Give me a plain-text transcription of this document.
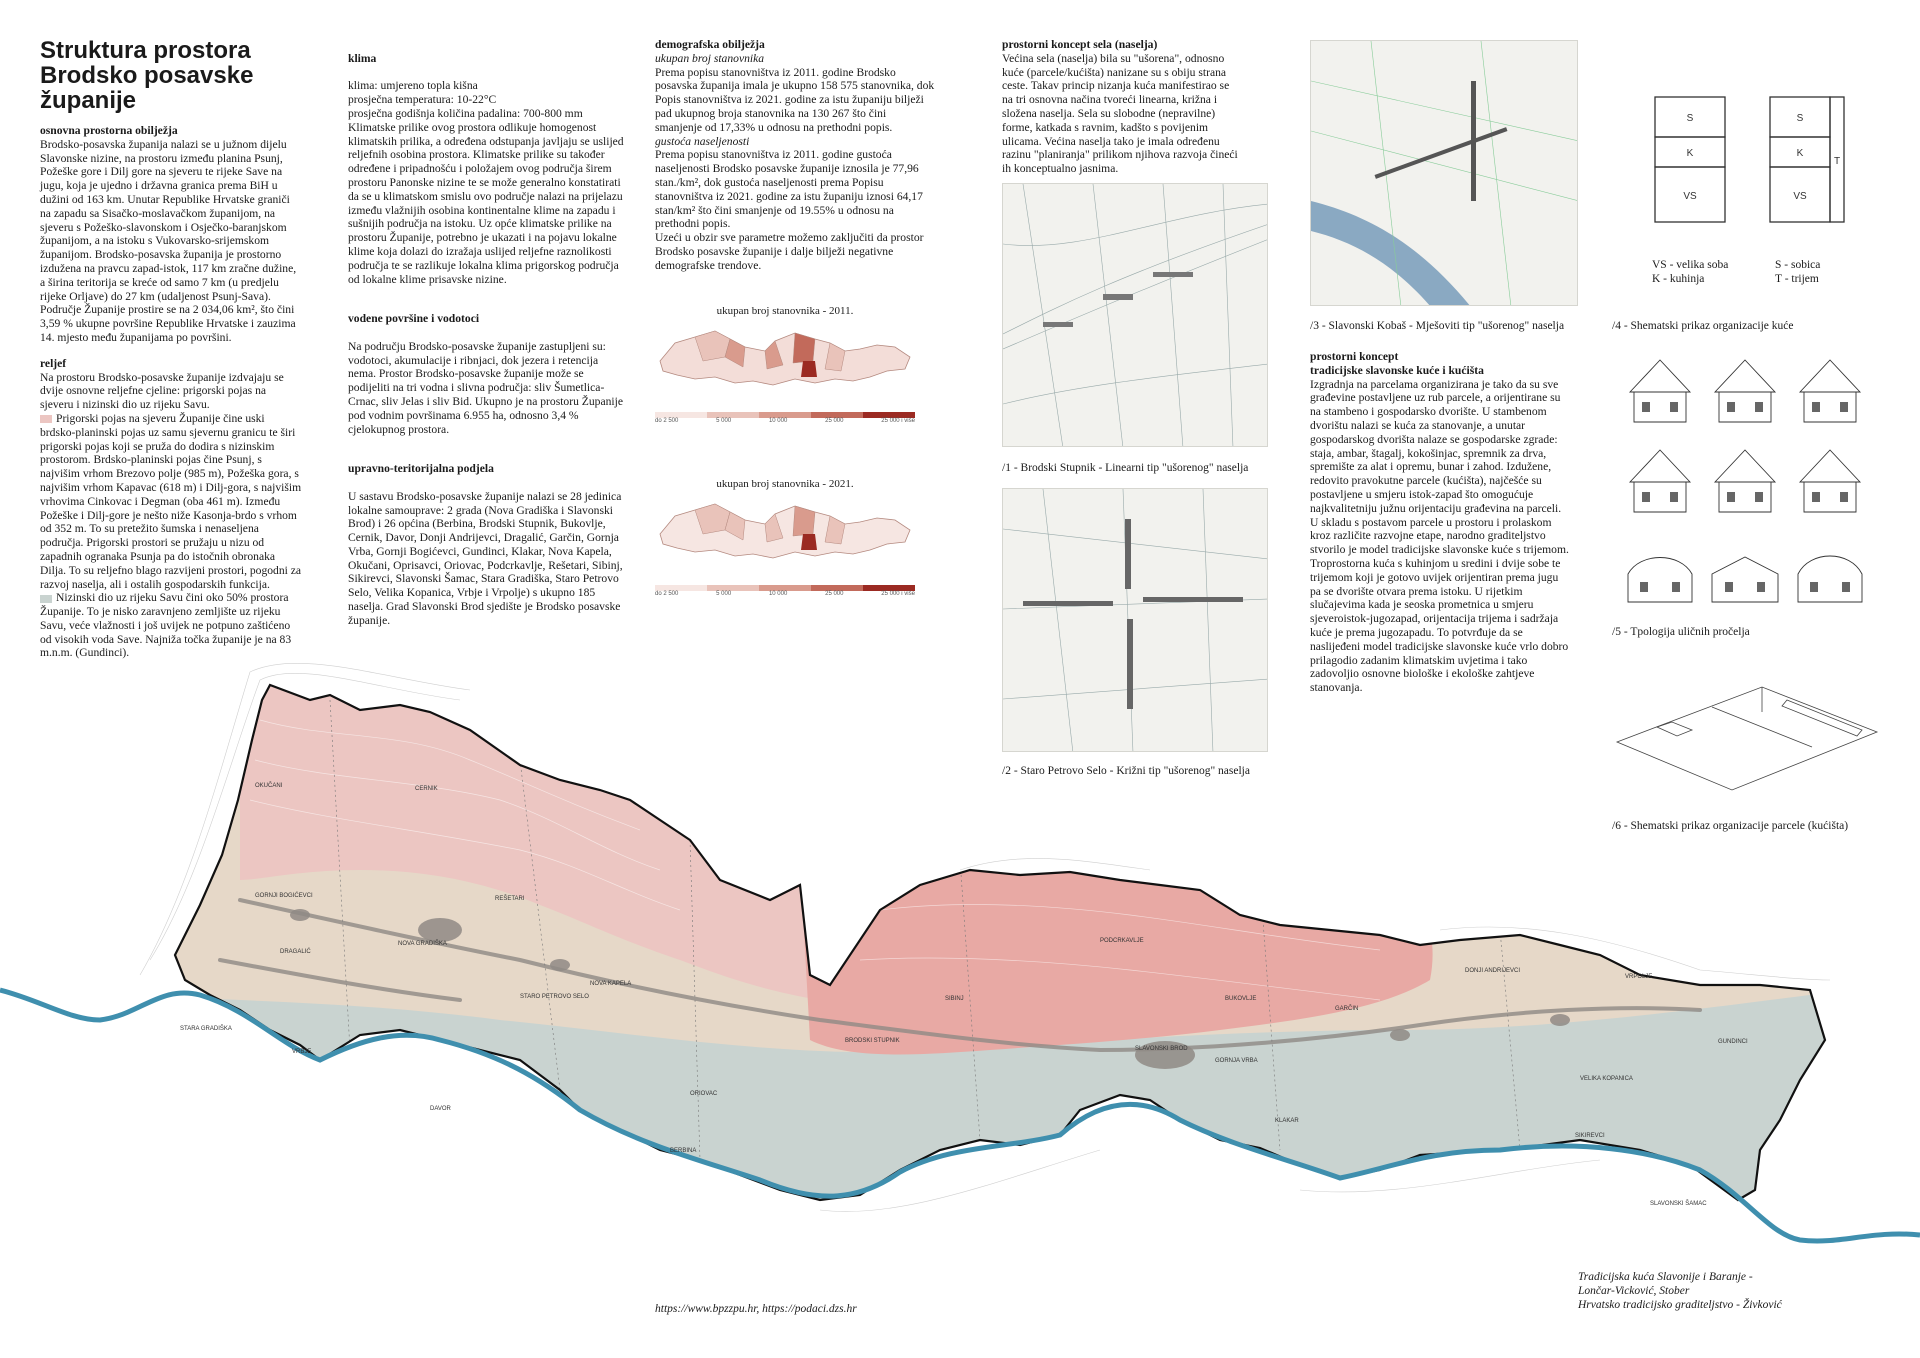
Struktura prostora
Brodsko posavske
županije
osnovna prostorna obilježja

Brodsko-posavska županija nalazi se u južnom dijelu Slavonske nizine, na prostoru između planina Psunj, Požeške gore i Dilj gore na sjeveru te rijeke Save na jugu, koja je ujedno i državna granica prema BiH u dužini od 163 km. Unutar Republike Hrvatske graniči na zapadu sa Sisačko-moslavačkom županijom, na sjeveru s Požeško-slavonskom i Osječko-baranjskom županijom, a na istoku s Vukovarsko-srijemskom županijom. Brodsko-posavska županija je prostorno izdužena na pravcu zapad-istok, 117 km zračne dužine, a širina teritorija se kreće od samo 7 km (u predjelu rijeke Orljave) do 27 km (udaljenost Psunj-Sava). Područje Županije prostire se na 2 034,06 km², što čini 3,59 % ukupne površine Republike Hrvatske i zauzima 14. mjesto među županijama po površini.

reljef

Na prostoru Brodsko-posavske županije izdvajaju se dvije osnovne reljefne cjeline: prigorski pojas na sjeveru i nizinski dio uz rijeku Savu.

Prigorski pojas na sjeveru Županije čine uski brdsko-planinski pojas uz samu sjevernu granicu te širi prigorski pojas koji se pruža do dodira s nizinskim prostorom. Brdsko-planinski pojas čine Psunj, s najvišim vrhom Brezovo polje (985 m), Požeška gora, s najvišim vrhom Kapavac (618 m) i Dilj-gora, s najvišim vrhovima Cinkovac i Degman (oba 461 m). Između Požeške i Dilj-gore je nešto niže Kasonja-brdo s vrhom od 352 m. To su pretežito šumska i nenaseljena područja. Prigorski prostori se pružaju u nizu od zapadnih ogranaka Psunja pa do istočnih obronaka Dilja. To su reljefno blago razvijeni prostori, pogodni za razvoj naselja, ali i ostalih gospodarskih funkcija.

Nizinski dio uz rijeku Savu čini oko 50% prostora Županije. To je nisko zaravnjeno zemljište uz rijeku Savu, veće vlažnosti i još uvijek ne potpuno zaštićeno od visokih voda Save. Najniža točka županije je na 83 m.n.m. (Gundinci).

klima

klima: umjereno topla kišna
prosječna temperatura: 10-22°C
prosječna godišnja količina padalina: 700-800 mm
Klimatske prilike ovog prostora odlikuje homogenost klimatskih prilika, a određena odstupanja javljaju se uslijed reljefnih osobina prostora. Klimatske prilike su također određene i pripadnošću i položajem ovog područja širem prostoru Panonske nizine te se može generalno konstatirati da se u klimatskom smislu ovo područje nalazi na prijelazu između vlažnijih osobina kontinentalne klime na zapadu i sušnijih područja na istoku. Uz opće klimatske prilike na prostoru Županije, potrebno je ukazati i na pojavu lokalne klime koja dolazi do izražaja uslijed reljefne raznolikosti područja te se razlikuje lokalna klima prigorskog područja od lokalne klime prisavske nizine.

vodene površine i vodotoci

Na području Brodsko-posavske županije zastupljeni su: vodotoci, akumulacije i ribnjaci, dok jezera i retencija nema. Prostor Brodsko-posavske županije može se podijeliti na tri vodna i slivna područja: sliv Šumetlica-Crnac, sliv Jelas i sliv Bid. Ukupno je na prostoru Županije pod vodnim površinama 6.955 ha, odnosno 3,4 % cjelokupnog prostora.

upravno-teritorijalna podjela

U sastavu Brodsko-posavske županije nalazi se 28 jedinica lokalne samouprave: 2 grada (Nova Gradiška i Slavonski Brod) i 26 općina (Berbina, Brodski Stupnik, Bukovlje, Cernik, Davor, Donji Andrijevci, Dragalić, Garčin, Gornja Vrba, Gornji Bogićevci, Gundinci, Klakar, Nova Kapela, Okučani, Oprisavci, Oriovac, Podcrkavlje, Rešetari, Sibinj, Sikirevci, Slavonski Šamac, Stara Gradiška, Staro Petrovo Selo, Velika Kopanica, Vrbje i Vrpolje) s ukupno 185 naselja. Grad Slavonski Brod sjedište je Brodsko posavske županije.

demografska obilježja

ukupan broj stanovnika

Prema popisu stanovništva iz 2011. godine Brodsko posavska županija imala je ukupno 158 575 stanovnika, dok Popis stanovništva iz 2021. godine za istu županiju bilježi pad ukupnog broja stanovnika na 130 267 što čini smanjenje od 17,33% u odnosu na prethodni popis.

gustoća naseljenosti

Prema popisu stanovništva iz 2011. godine gustoća naseljenosti Brodsko posavske županije iznosila je 77,96 stan./km², dok gustoća naseljenosti prema Popisu stanovništva iz 2021. godine za istu županiju iznosi 64,17 stan/km² što čini smanjenje od 19.55% u odnosu na prethodni popis.

Uzeći u obzir sve parametre možemo zaključiti da prostor Brodsko posavske županije i dalje bilježi negativne demografske trendove.

ukupan broj stanovnika - 2011.
do 2 500	5 000	10 000	25 000	25 000 i više
ukupan broj stanovnika - 2021.
do 2 500	5 000	10 000	25 000	25 000 i više
prostorni koncept sela (naselja)

Većina sela (naselja) bila su "ušorena", odnosno kuće (parcele/kućišta) nanizane su s obiju strana ceste. Takav princip nizanja kuća manifestirao se na tri osnovna načina tvoreći linearna, križna i složena naselja. Sela su slobodne (nepravilne) forme, katkada s ravnim, kadšto s povijenim ulicama. Većina naselja tako je imala određenu razinu "planiranja" prilikom njihova razvoja čineći ih konceptualno jasnima.

/1 - Brodski Stupnik - Linearni tip "ušorenog" naselja
/2 - Staro Petrovo Selo - Križni tip "ušorenog" naselja
/3 - Slavonski Kobaš - Mješoviti tip "ušorenog" naselja
prostorni koncept
tradicijske slavonske kuće i kućišta

Izgradnja na parcelama organizirana je tako da su sve građevine postavljene uz rub parcele, a orijentirane su na stambeno i gospodarsko dvorište. U stambenom dvorištu nalazi se kuća za stanovanje, a unutar gospodarskog dvorišta nalaze se gospodarske zgrade: staja, ambar, štagalj, kokošinjac, spremnik za drva, spremište za alat i opremu, bunar i zahod. Izdužene, redovito pravokutne parcele (kućišta), najčešće su postavljene u smjeru istok-zapad što omogućuje najkvalitetniju južnu orijentaciju građevina na parceli. U skladu s postavom parcele u prostoru i prolaskom kroz različite razvojne etape, narodno graditeljstvo stvorilo je model tradicijske slavonske kuće s trijemom. Troprostorna kuća s kuhinjom u sredini i dvije sobe te trijemom koji je gotovo uvijek orijentiran prema jugu pa se dvorište otvara prema istoku. U rijetkim slučajevima kada je seoska prometnica u smjeru sjeveroistok-jugozapad, orijentacija trijema i sadržaja kuće je prema jugozapadu. To potvrđuje da se naslijeđeni model tradicijske slavonske kuće vrlo dobro prilagodio zadanim klimatskim uvjetima i tako zadovoljio osnovne biološke i ekološke zahtjeve stanovanja.

S
K
VS
S
K
VS
T
VS - velika soba
K - kuhinja
S - sobica
T - trijem
/4 - Shematski prikaz organizacije kuće
/5 - Tpologija uličnih pročelja
/6 - Shematski prikaz organizacije parcele (kućišta)
OKUČANI	CERNIK
GORNJI BOGIĆEVCI	REŠETARI
NOVA GRADIŠKA
DRAGALIĆ
NOVA KAPELA
STARO PETROVO SELO
STARA GRADIŠKA
VRBJE
DAVOR
ORIOVAC
BERBINA
BRODSKI STUPNIK
SIBINJ
PODCRKAVLJE
BUKOVLJE
SLAVONSKI BROD
GORNJA VRBA
KLAKAR
GARČIN
DONJI ANDRIJEVCI
VRPOLJE
GUNDINCI
VELIKA KOPANICA
SIKIREVCI
SLAVONSKI ŠAMAC
https://www.bpzzpu.hr, https://podaci.dzs.hr
Tradicijska kuća Slavonije i Baranje -
Lončar-Vicković, Stober
Hrvatsko tradicijsko graditeljstvo - Živković
